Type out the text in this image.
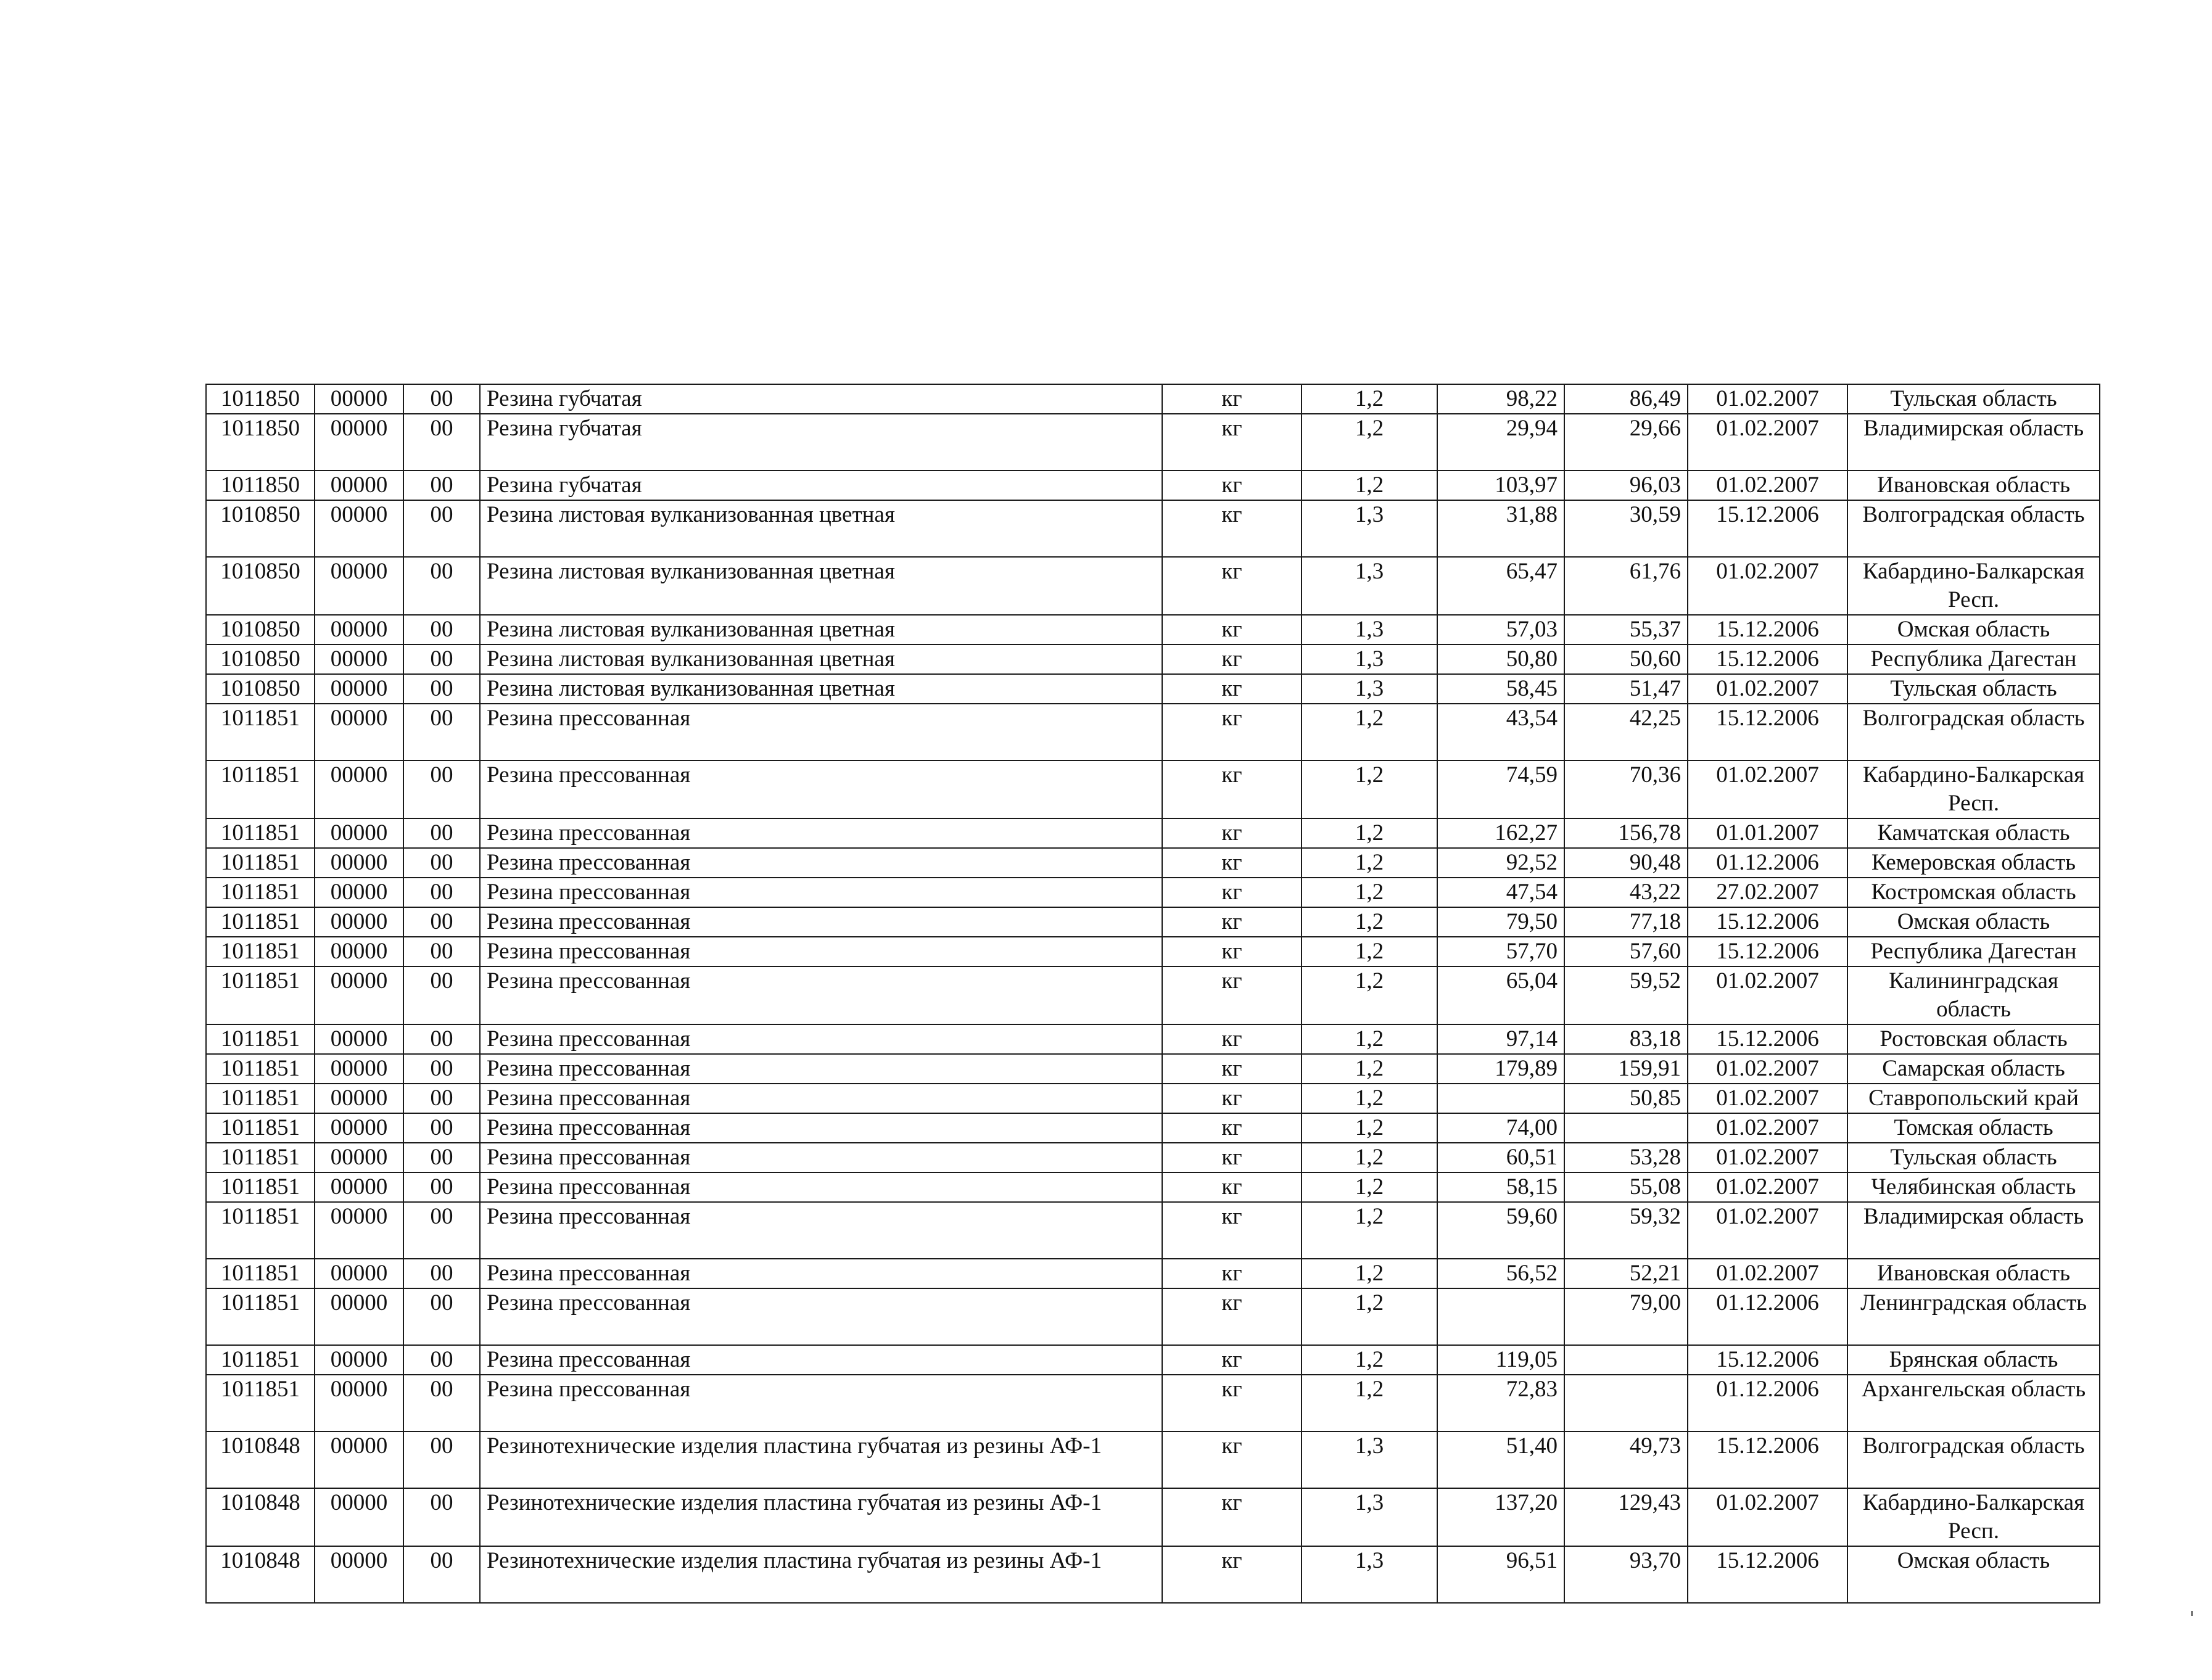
1011850	00000	00	Резина губчатая	кг	1,2	98,22	86,49	01.02.2007	Тульская область
1011850	00000	00	Резина губчатая	кг	1,2	29,94	29,66	01.02.2007	Владимирская область
1011850	00000	00	Резина губчатая	кг	1,2	103,97	96,03	01.02.2007	Ивановская область
1010850	00000	00	Резина листовая вулканизованная цветная	кг	1,3	31,88	30,59	15.12.2006	Волгоградская область
1010850	00000	00	Резина листовая вулканизованная цветная	кг	1,3	65,47	61,76	01.02.2007	Кабардино-Балкарская Респ.
1010850	00000	00	Резина листовая вулканизованная цветная	кг	1,3	57,03	55,37	15.12.2006	Омская область
1010850	00000	00	Резина листовая вулканизованная цветная	кг	1,3	50,80	50,60	15.12.2006	Республика Дагестан
1010850	00000	00	Резина листовая вулканизованная цветная	кг	1,3	58,45	51,47	01.02.2007	Тульская область
1011851	00000	00	Резина прессованная	кг	1,2	43,54	42,25	15.12.2006	Волгоградская область
1011851	00000	00	Резина прессованная	кг	1,2	74,59	70,36	01.02.2007	Кабардино-Балкарская Респ.
1011851	00000	00	Резина прессованная	кг	1,2	162,27	156,78	01.01.2007	Камчатская область
1011851	00000	00	Резина прессованная	кг	1,2	92,52	90,48	01.12.2006	Кемеровская область
1011851	00000	00	Резина прессованная	кг	1,2	47,54	43,22	27.02.2007	Костромская область
1011851	00000	00	Резина прессованная	кг	1,2	79,50	77,18	15.12.2006	Омская область
1011851	00000	00	Резина прессованная	кг	1,2	57,70	57,60	15.12.2006	Республика Дагестан
1011851	00000	00	Резина прессованная	кг	1,2	65,04	59,52	01.02.2007	Калининградская область
1011851	00000	00	Резина прессованная	кг	1,2	97,14	83,18	15.12.2006	Ростовская область
1011851	00000	00	Резина прессованная	кг	1,2	179,89	159,91	01.02.2007	Самарская область
1011851	00000	00	Резина прессованная	кг	1,2		50,85	01.02.2007	Ставропольский край
1011851	00000	00	Резина прессованная	кг	1,2	74,00		01.02.2007	Томская область
1011851	00000	00	Резина прессованная	кг	1,2	60,51	53,28	01.02.2007	Тульская область
1011851	00000	00	Резина прессованная	кг	1,2	58,15	55,08	01.02.2007	Челябинская область
1011851	00000	00	Резина прессованная	кг	1,2	59,60	59,32	01.02.2007	Владимирская область
1011851	00000	00	Резина прессованная	кг	1,2	56,52	52,21	01.02.2007	Ивановская область
1011851	00000	00	Резина прессованная	кг	1,2		79,00	01.12.2006	Ленинградская область
1011851	00000	00	Резина прессованная	кг	1,2	119,05		15.12.2006	Брянская область
1011851	00000	00	Резина прессованная	кг	1,2	72,83		01.12.2006	Архангельская область
1010848	00000	00	Резинотехнические изделия пластина губчатая из резины АФ-1	кг	1,3	51,40	49,73	15.12.2006	Волгоградская область
1010848	00000	00	Резинотехнические изделия пластина губчатая из резины АФ-1	кг	1,3	137,20	129,43	01.02.2007	Кабардино-Балкарская Респ.
1010848	00000	00	Резинотехнические изделия пластина губчатая из резины АФ-1	кг	1,3	96,51	93,70	15.12.2006	Омская область
